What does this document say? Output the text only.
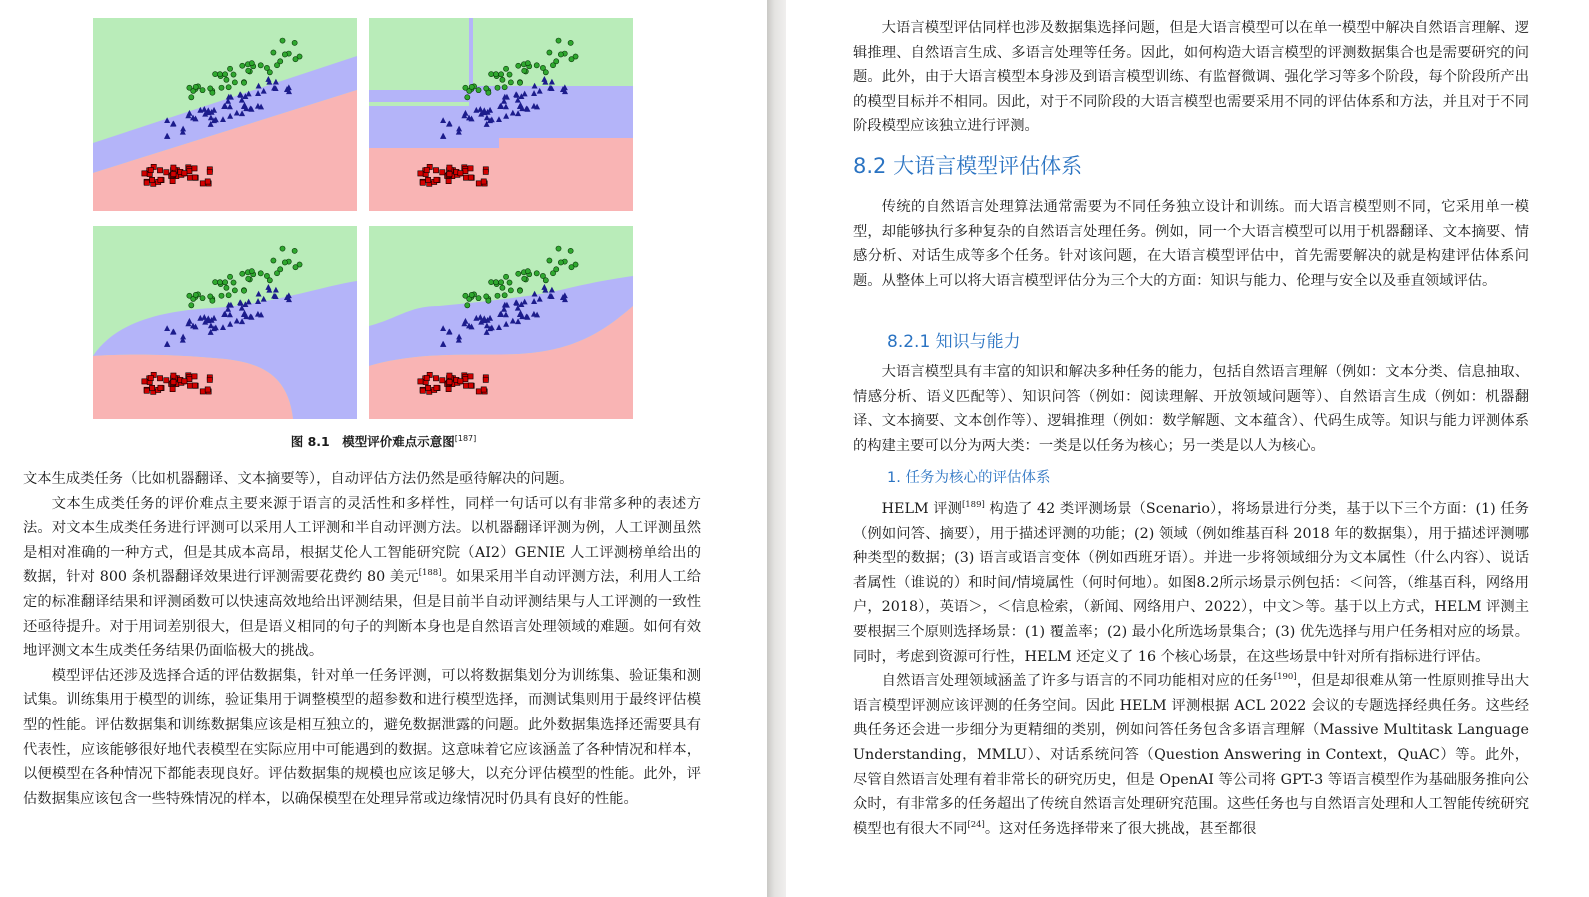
图 8.1　模型评价难点示意图[187]

文本生成类任务（比如机器翻译、文本摘要等），自动评估方法仍然是亟待解决的问题。

文本生成类任务的评价难点主要来源于语言的灵活性和多样性，同样一句话可以有非常多种的表述方法。对文本生成类任务进行评测可以采用人工评测和半自动评测方法。以机器翻译评测为例，人工评测虽然是相对准确的一种方式，但是其成本高昂，根据艾伦人工智能研究院（AI2）GENIE 人工评测榜单给出的数据，针对 800 条机器翻译效果进行评测需要花费约 80 美元[188]。如果采用半自动评测方法，利用人工给定的标准翻译结果和评测函数可以快速高效地给出评测结果，但是目前半自动评测结果与人工评测的一致性还亟待提升。对于用词差别很大，但是语义相同的句子的判断本身也是自然语言处理领域的难题。如何有效地评测文本生成类任务结果仍面临极大的挑战。

模型评估还涉及选择合适的评估数据集，针对单一任务评测，可以将数据集划分为训练集、验证集和测试集。训练集用于模型的训练，验证集用于调整模型的超参数和进行模型选择，而测试集则用于最终评估模型的性能。评估数据集和训练数据集应该是相互独立的，避免数据泄露的问题。此外数据集选择还需要具有代表性，应该能够很好地代表模型在实际应用中可能遇到的数据。这意味着它应该涵盖了各种情况和样本，以便模型在各种情况下都能表现良好。评估数据集的规模也应该足够大，以充分评估模型的性能。此外，评估数据集应该包含一些特殊情况的样本，以确保模型在处理异常或边缘情况时仍具有良好的性能。

大语言模型评估同样也涉及数据集选择问题，但是大语言模型可以在单一模型中解决自然语言理解、逻辑推理、自然语言生成、多语言处理等任务。因此，如何构造大语言模型的评测数据集合也是需要研究的问题。此外，由于大语言模型本身涉及到语言模型训练、有监督微调、强化学习等多个阶段，每个阶段所产出的模型目标并不相同。因此，对于不同阶段的大语言模型也需要采用不同的评估体系和方法，并且对于不同阶段模型应该独立进行评测。

8.2 大语言模型评估体系

传统的自然语言处理算法通常需要为不同任务独立设计和训练。而大语言模型则不同，它采用单一模型，却能够执行多种复杂的自然语言处理任务。例如，同一个大语言模型可以用于机器翻译、文本摘要、情感分析、对话生成等多个任务。针对该问题，在大语言模型评估中，首先需要解决的就是构建评估体系问题。从整体上可以将大语言模型评估分为三个大的方面：知识与能力、伦理与安全以及垂直领域评估。

8.2.1 知识与能力

大语言模型具有丰富的知识和解决多种任务的能力，包括自然语言理解（例如：文本分类、信息抽取、情感分析、语义匹配等）、知识问答（例如：阅读理解、开放领域问题等）、自然语言生成（例如：机器翻译、文本摘要、文本创作等）、逻辑推理（例如：数学解题、文本蕴含）、代码生成等。知识与能力评测体系的构建主要可以分为两大类：一类是以任务为核心；另一类是以人为核心。

1. 任务为核心的评估体系

HELM 评测[189] 构造了 42 类评测场景（Scenario），将场景进行分类，基于以下三个方面：(1) 任务（例如问答、摘要），用于描述评测的功能；(2) 领域（例如维基百科 2018 年的数据集），用于描述评测哪种类型的数据；(3) 语言或语言变体（例如西班牙语）。并进一步将领域细分为文本属性（什么内容）、说话者属性（谁说的）和时间/情境属性（何时何地）。如图8.2所示场景示例包括：＜问答，（维基百科，网络用户，2018），英语＞，＜信息检索，（新闻、网络用户、2022），中文＞等。基于以上方式，HELM 评测主要根据三个原则选择场景：(1) 覆盖率；(2) 最小化所选场景集合；(3) 优先选择与用户任务相对应的场景。同时，考虑到资源可行性，HELM 还定义了 16 个核心场景，在这些场景中针对所有指标进行评估。

自然语言处理领域涵盖了许多与语言的不同功能相对应的任务[190]，但是却很难从第一性原则推导出大语言模型评测应该评测的任务空间。因此 HELM 评测根据 ACL 2022 会议的专题选择经典任务。这些经典任务还会进一步细分为更精细的类别，例如问答任务包含多语言理解（Massive Multitask Language Understanding，MMLU）、对话系统问答（Question Answering in Context，QuAC）等。此外，尽管自然语言处理有着非常长的研究历史，但是 OpenAI 等公司将 GPT-3 等语言模型作为基础服务推向公众时，有非常多的任务超出了传统自然语言处理研究范围。这些任务也与自然语言处理和人工智能传统研究模型也有很大不同[24]。这对任务选择带来了很大挑战，甚至都很
